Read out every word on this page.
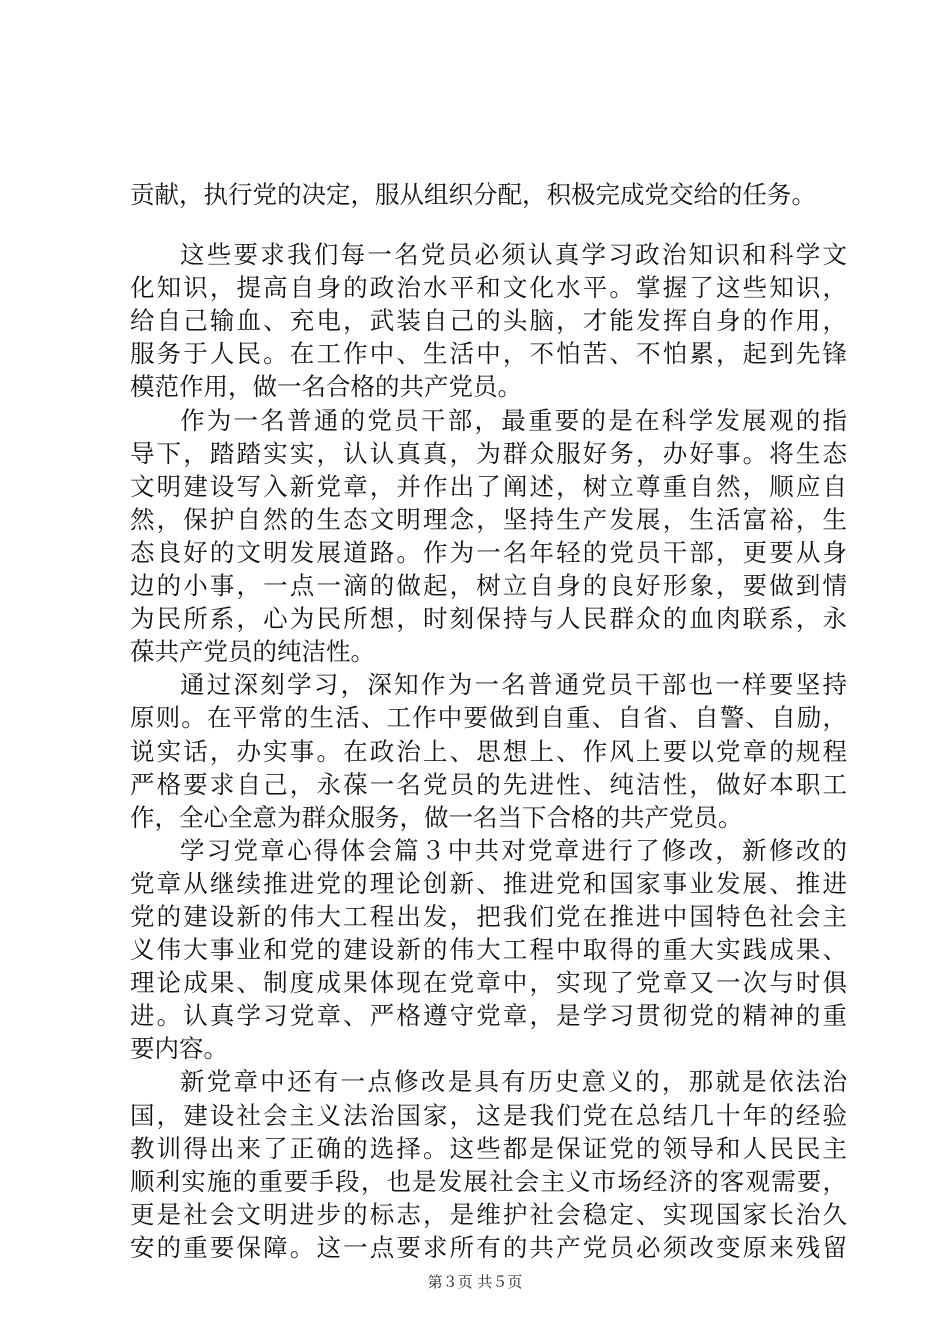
贡献，执行党的决定，服从组织分配，积极完成党交给的任务。
这些要求我们每一名党员必须认真学习政治知识和科学文
化知识，提高自身的政治水平和文化水平。掌握了这些知识，
给自己输血、充电，武装自己的头脑，才能发挥自身的作用，
服务于人民。在工作中、生活中，不怕苦、不怕累，起到先锋
模范作用，做一名合格的共产党员。
作为一名普通的党员干部，最重要的是在科学发展观的指
导下，踏踏实实，认认真真，为群众服好务，办好事。将生态
文明建设写入新党章，并作出了阐述，树立尊重自然，顺应自
然，保护自然的生态文明理念，坚持生产发展，生活富裕，生
态良好的文明发展道路。作为一名年轻的党员干部，更要从身
边的小事，一点一滴的做起，树立自身的良好形象，要做到情
为民所系，心为民所想，时刻保持与人民群众的血肉联系，永
葆共产党员的纯洁性。
通过深刻学习，深知作为一名普通党员干部也一样要坚持
原则。在平常的生活、工作中要做到自重、自省、自警、自励，
说实话，办实事。在政治上、思想上、作风上要以党章的规程
严格要求自己，永葆一名党员的先进性、纯洁性，做好本职工
作，全心全意为群众服务，做一名当下合格的共产党员。
学习党章心得体会篇３中共对党章进行了修改，新修改的
党章从继续推进党的理论创新、推进党和国家事业发展、推进
党的建设新的伟大工程出发，把我们党在推进中国特色社会主
义伟大事业和党的建设新的伟大工程中取得的重大实践成果、
理论成果、制度成果体现在党章中，实现了党章又一次与时俱
进。认真学习党章、严格遵守党章，是学习贯彻党的精神的重
要内容。
新党章中还有一点修改是具有历史意义的，那就是依法治
国，建设社会主义法治国家，这是我们党在总结几十年的经验
教训得出来了正确的选择。这些都是保证党的领导和人民民主
顺利实施的重要手段，也是发展社会主义市场经济的客观需要，
更是社会文明进步的标志，是维护社会稳定、实现国家长治久
安的重要保障。这一点要求所有的共产党员必须改变原来残留
第３页 共５页
